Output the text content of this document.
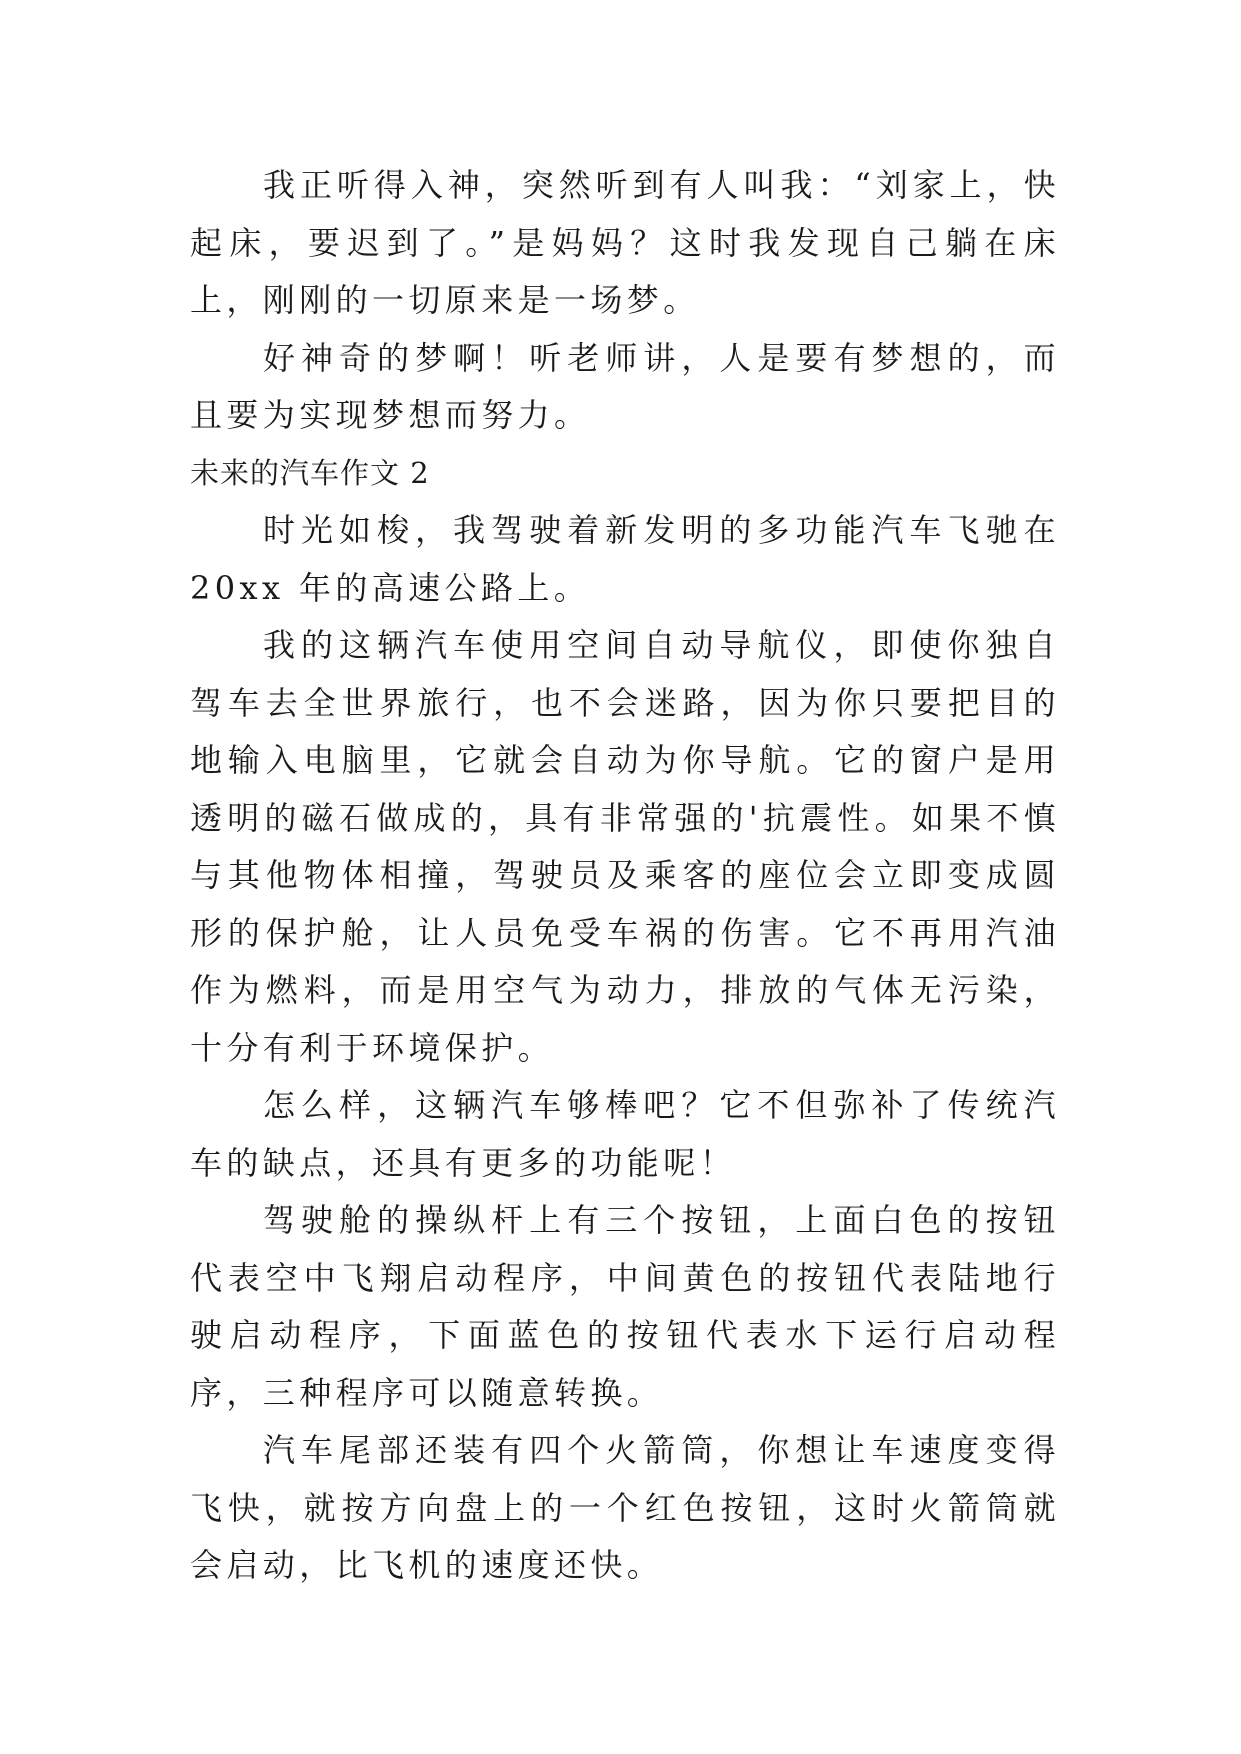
我正听得入神，突然听到有人叫我：“刘家上，快起床，要迟到了。”是妈妈？这时我发现自己躺在床上，刚刚的一切原来是一场梦。

好神奇的梦啊！听老师讲，人是要有梦想的，而且要为实现梦想而努力。

未来的汽车作文 2

时光如梭，我驾驶着新发明的多功能汽车飞驰在 20xx 年的高速公路上。

我的这辆汽车使用空间自动导航仪，即使你独自驾车去全世界旅行，也不会迷路，因为你只要把目的地输入电脑里，它就会自动为你导航。它的窗户是用透明的磁石做成的，具有非常强的'抗震性。如果不慎与其他物体相撞，驾驶员及乘客的座位会立即变成圆形的保护舱，让人员免受车祸的伤害。它不再用汽油作为燃料，而是用空气为动力，排放的气体无污染，十分有利于环境保护。

怎么样，这辆汽车够棒吧？它不但弥补了传统汽车的缺点，还具有更多的功能呢！

驾驶舱的操纵杆上有三个按钮，上面白色的按钮代表空中飞翔启动程序，中间黄色的按钮代表陆地行驶启动程序，下面蓝色的按钮代表水下运行启动程序，三种程序可以随意转换。

汽车尾部还装有四个火箭筒，你想让车速度变得飞快，就按方向盘上的一个红色按钮，这时火箭筒就会启动，比飞机的速度还快。
